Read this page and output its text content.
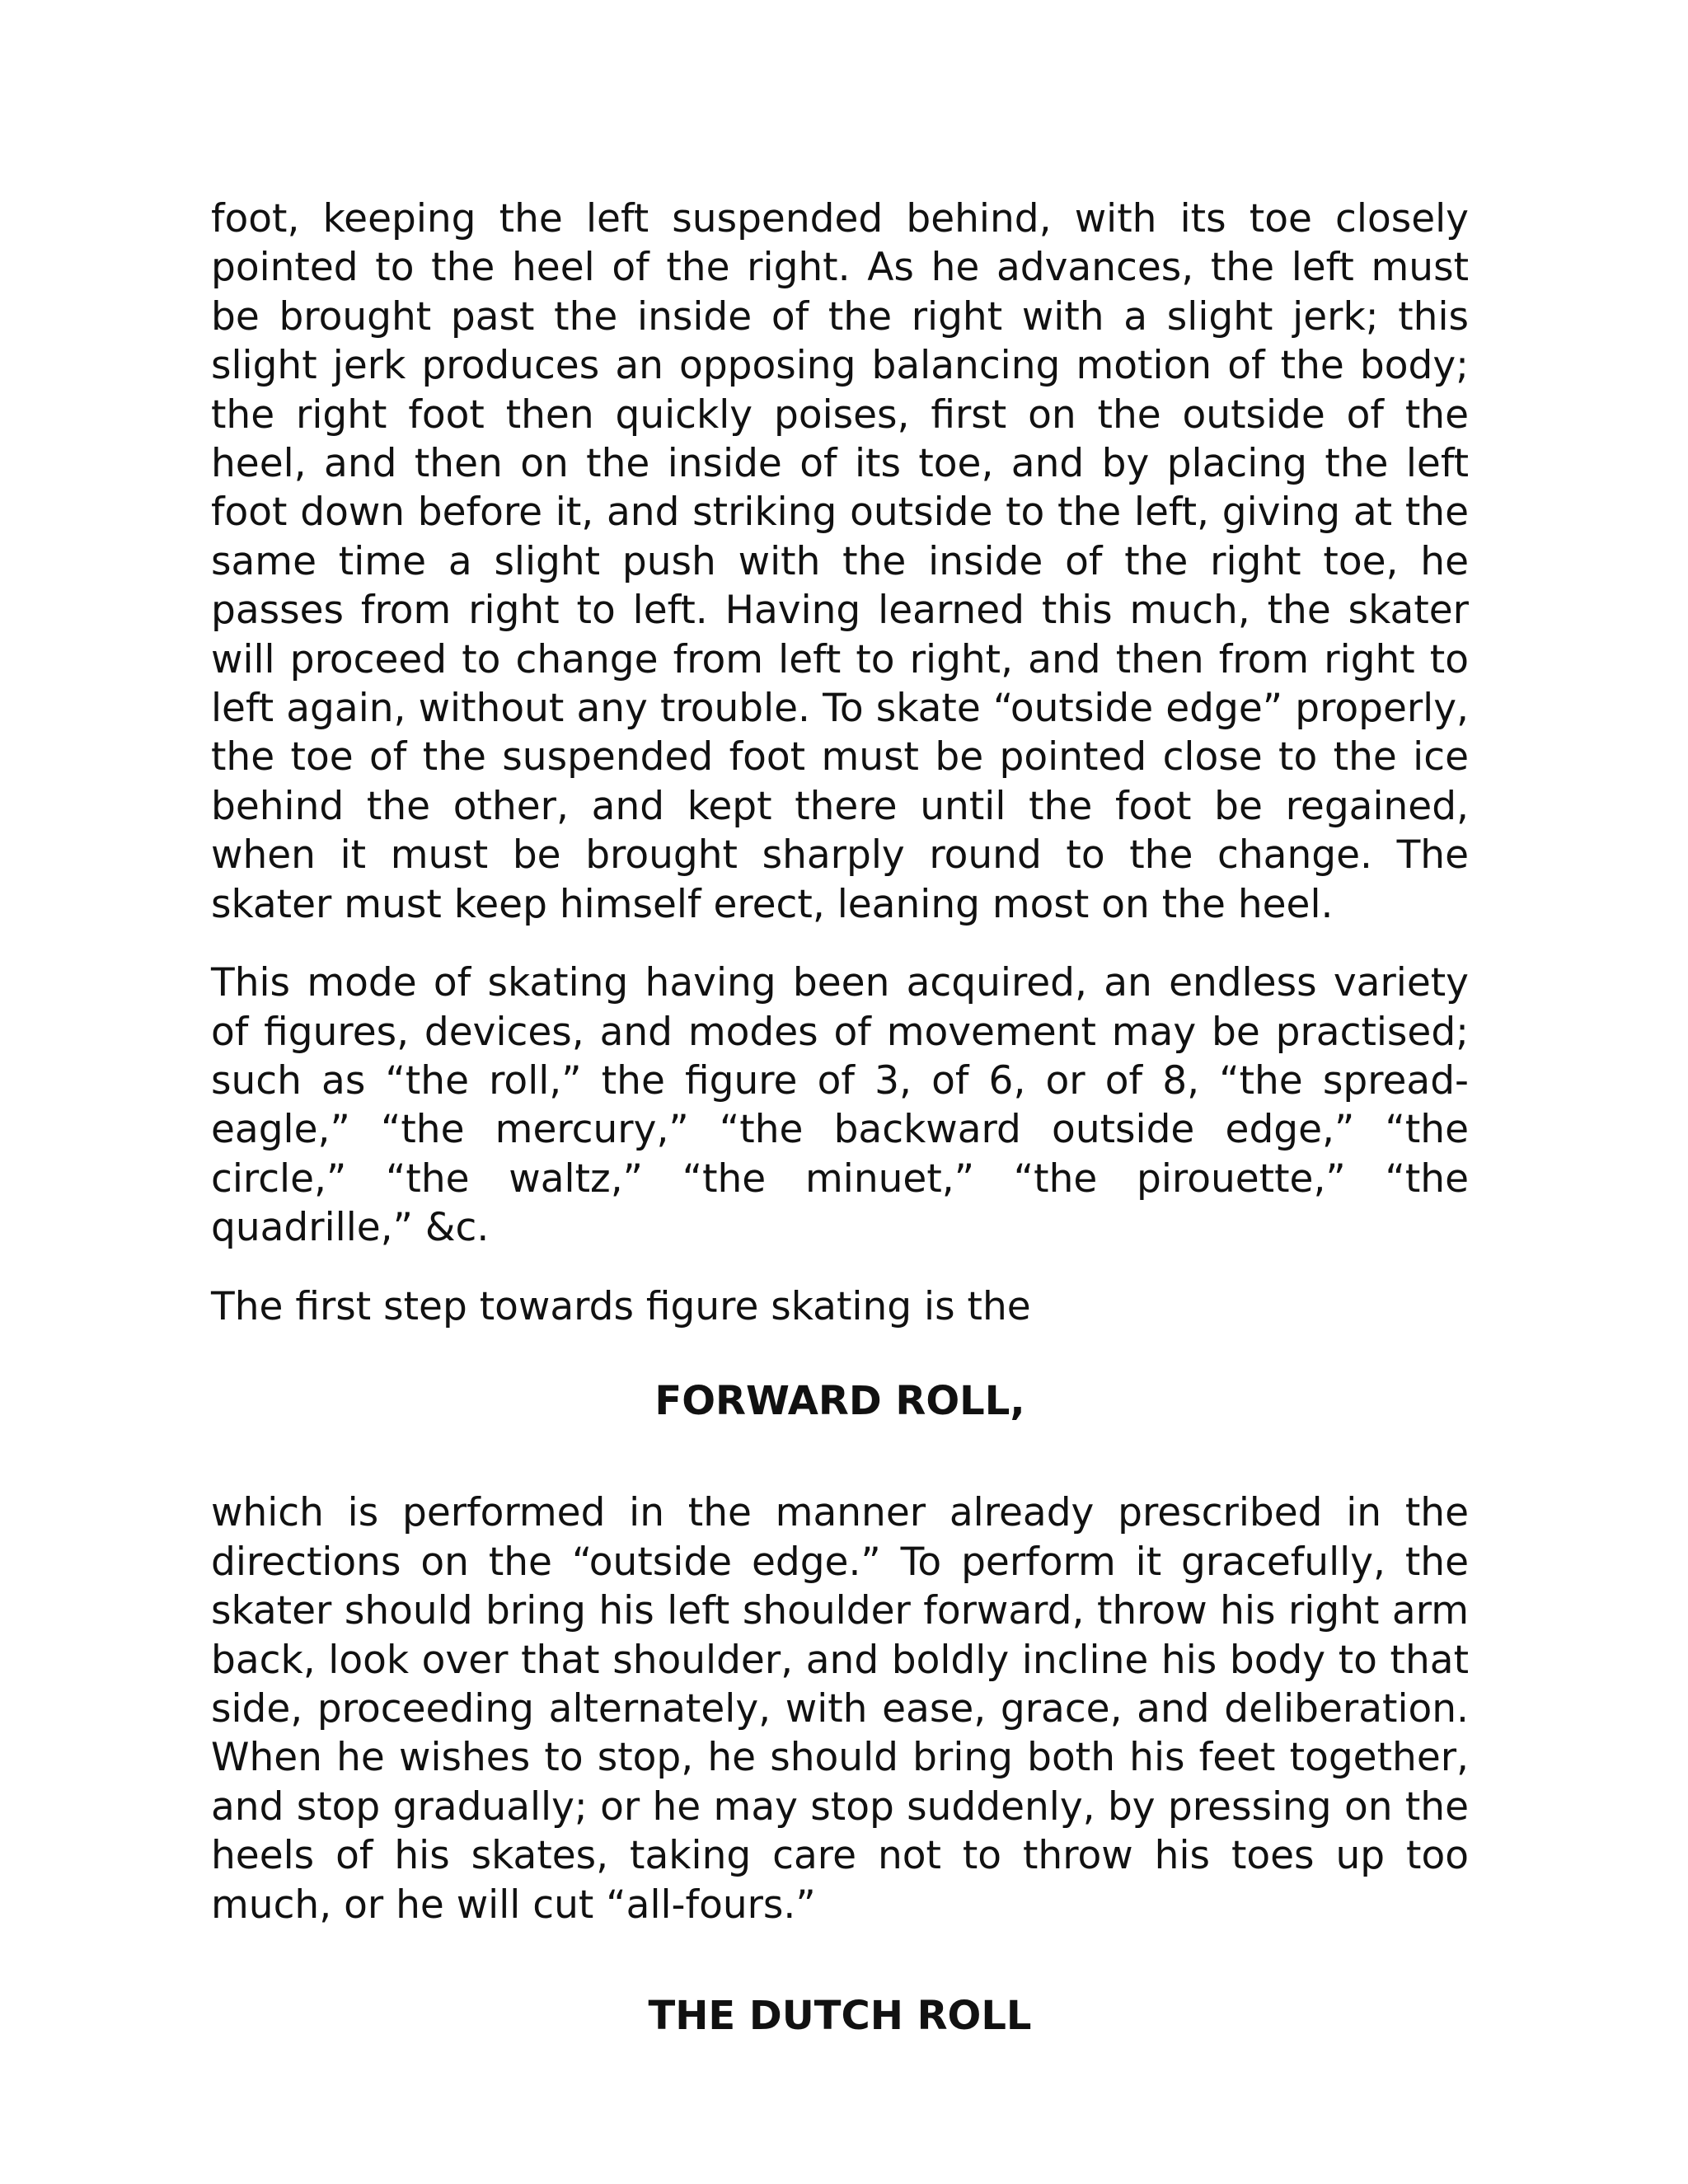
foot, keeping the left suspended behind, with its toe closely pointed to the heel of the right. As he advances, the left must be brought past the inside of the right with a slight jerk; this slight jerk produces an opposing balancing motion of the body; the right foot then quickly poises, first on the outside of the heel, and then on the inside of its toe, and by placing the left foot down before it, and striking outside to the left, giving at the same time a slight push with the inside of the right toe, he passes from right to left. Having learned this much, the skater will proceed to change from left to right, and then from right to left again, without any trouble. To skate “outside edge” properly, the toe of the suspended foot must be pointed close to the ice behind the other, and kept there until the foot be regained, when it must be brought sharply round to the change. The skater must keep himself erect, leaning most on the heel.

This mode of skating having been acquired, an endless variety of figures, devices, and modes of movement may be practised; such as “the roll,” the figure of 3, of 6, or of 8, “the spread-eagle,” “the mercury,” “the backward outside edge,” “the circle,” “the waltz,” “the minuet,” “the pirouette,” “the quadrille,” &c.

The first step towards figure skating is the

FORWARD ROLL,

which is performed in the manner already prescribed in the directions on the “outside edge.” To perform it gracefully, the skater should bring his left shoulder forward, throw his right arm back, look over that shoulder, and boldly incline his body to that side, proceeding alternately, with ease, grace, and deliberation. When he wishes to stop, he should bring both his feet together, and stop gradually; or he may stop suddenly, by pressing on the heels of his skates, taking care not to throw his toes up too much, or he will cut “all-fours.”

THE DUTCH ROLL
